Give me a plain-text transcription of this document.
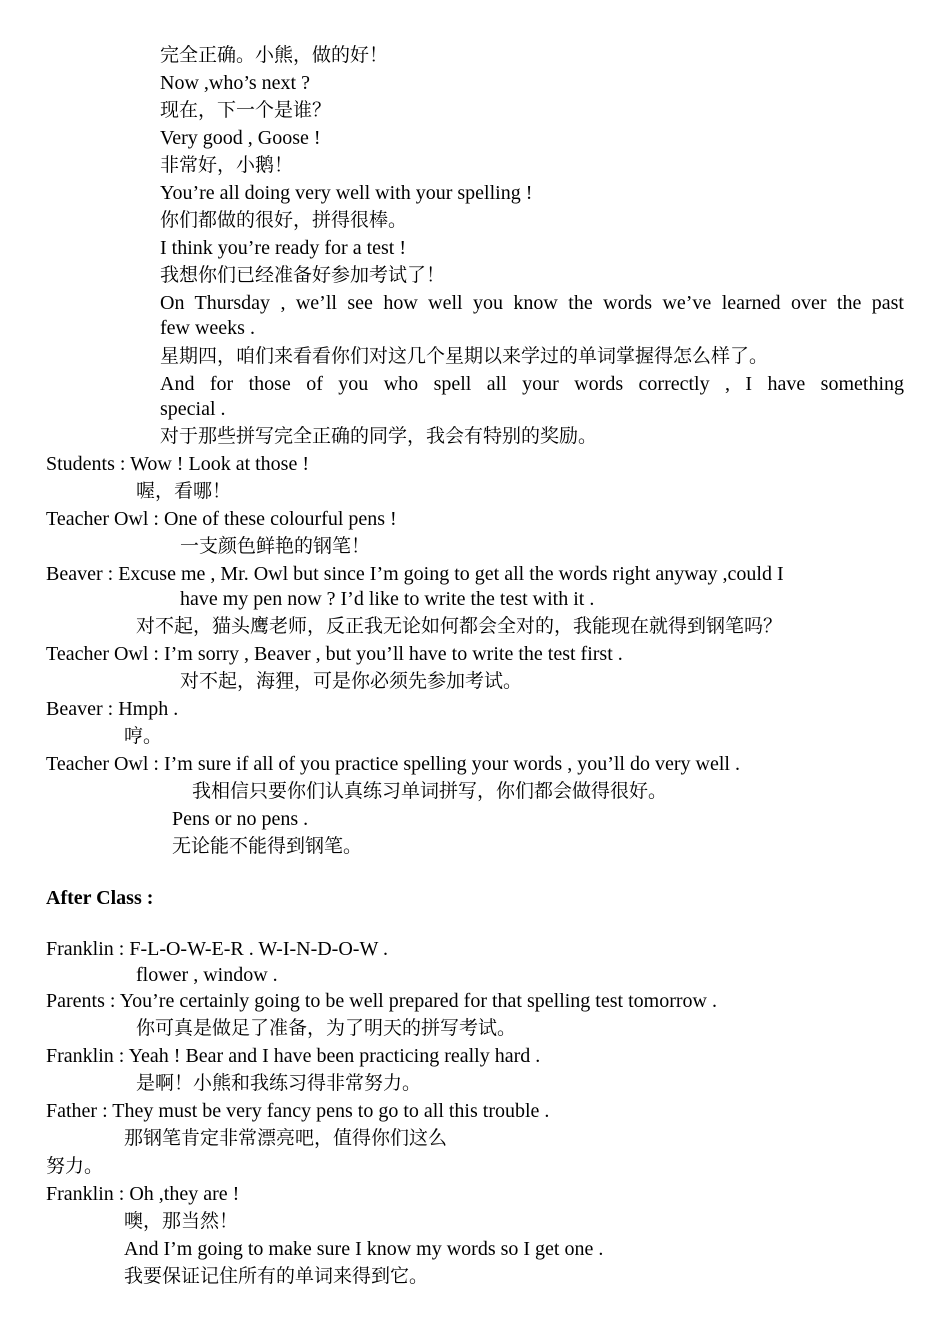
完全正确。小熊，做的好！
Now ,who’s next ?
现在，下一个是谁？
Very good , Goose !
非常好，小鹅！
You’re all doing very well with your spelling !
你们都做的很好，拼得很棒。
I think you’re ready for a test !
我想你们已经准备好参加考试了！
On Thursday , we’ll see how well you know the words we’ve learned over the past
few weeks .
星期四，咱们来看看你们对这几个星期以来学过的单词掌握得怎么样了。
And for those of you who spell all your words correctly , I have something
special .
对于那些拼写完全正确的同学，我会有特别的奖励。
Students : Wow ! Look at those !
喔，看哪！
Teacher Owl : One of these colourful pens !
一支颜色鲜艳的钢笔！
Beaver : Excuse me , Mr. Owl but since I’m going to get all the words right anyway ,could I
have my pen now ? I’d like to write the test with it .
对不起，猫头鹰老师，反正我无论如何都会全对的，我能现在就得到钢笔吗？
Teacher Owl : I’m sorry , Beaver , but you’ll have to write the test first .
对不起，海狸，可是你必须先参加考试。
Beaver : Hmph .
哼。
Teacher Owl : I’m sure if all of you practice spelling your words , you’ll do very well .
我相信只要你们认真练习单词拼写，你们都会做得很好。
Pens or no pens .
无论能不能得到钢笔。
After Class :
Franklin : F-L-O-W-E-R . W-I-N-D-O-W .
flower , window .
Parents : You’re certainly going to be well prepared for that spelling test tomorrow .
你可真是做足了准备，为了明天的拼写考试。
Franklin : Yeah ! Bear and I have been practicing really hard .
是啊！小熊和我练习得非常努力。
Father : They must be very fancy pens to go to all this trouble .
那钢笔肯定非常漂亮吧，值得你们这么
努力。
Franklin : Oh ,they are !
噢，那当然！
And I’m going to make sure I know my words so I get one .
我要保证记住所有的单词来得到它。
